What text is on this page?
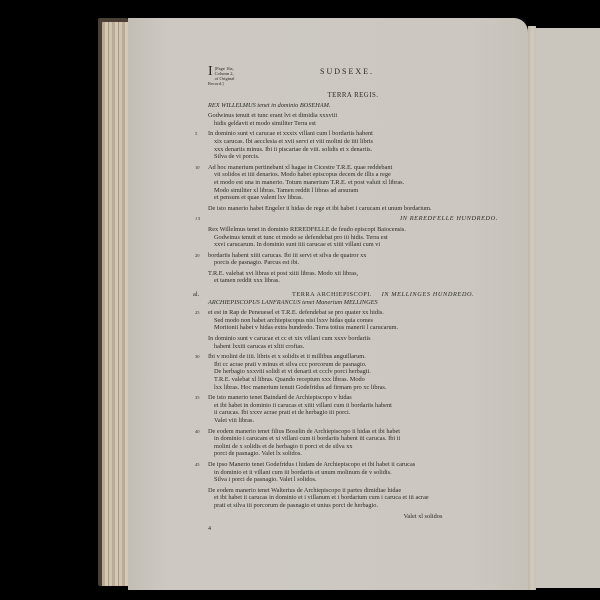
I [Page 16a, Column 2,
of Original Record.]
SUDSEXE.
TERRA REGIS.
REX WILLELMUS tenet in dominio BOSEHAM.
Godwinus tenuit et tunc erant lvi et dimidia xxxviii
hidis geldavit et modo similiter Terra est
5 In dominio sunt vi carucae et xxxix villani cum l bordariis habent
xix carucas. Ibi aecclesia et xvii servi et viii molini de iiii libris
xxx denariis minus. Ibi ii piscariae de viii. solidis et x denariis.
Silva de vi porcis.
10 Ad hoc manerium pertinebant xl hagae in Cicestre T.R.E. quae reddebant
vii solidos et iiii denarios. Modo habet episcopus decem de illis a rege
et modo est una in manerio. Totum manerium T.R.E. et post valuit xl libras.
Modo similiter xl libras. Tamen reddit l libras ad arsuram
et pensum et quae valent lxv libras.
De isto manerio habet Engeler ii hidas de rege et ibi habet i carucam et unum bordarium.
15	IN REREDFELLE HUNDREDO.
Rex Willelmus tenet in dominio REREDFELLE de feudo episcopi Baiocensis.
Godwinus tenuit et tunc et modo se defendebat pro iii hidis. Terra est
xxvi carucarum. In dominio sunt iiii carucae et xiiii villani cum vi
20 bordariis habent xiiii carucas. Ibi iii servi et silva de quatror xx
porcis de pasnagio. Parcus est ibi.
T.R.E. valebat xvi libras et post xiiii libras. Modo xii libras,
et tamen reddit xxx libras.
al.	TERRA ARCHIEPISCOPI. IN MELLINGES HUNDREDO.
ARCHIEPISCOPUS LANFRANCUS tenet Manerium MELLINGES
25 et est in Rap de Peneuesel et T.R.E. defendebat se pro quater xx hidis.
Sed modo non habet archiepiscopus nisi lxxv hidas quia comes
Moritonii habet v hidas extra hundredo. Terra totius manerii l carucarum.
In dominio sunt v carucae et cc et xix villani cum xxxv bordariis
habent lxxiii carucas et xliii croftas.
30 Ibi v molini de iiii. libris et x solidis et ii millibus anguillarum.
Ibi cc acrae prati v minus et silva ccc porcorum de pasnagio.
De herbagio xxxviii solidi et vi denarii et ccclv porci herbagii.
T.R.E. valebat xl libras. Quando receptum xxx libras. Modo
lxx libras. Hoc manerium tenuit Godefridus ad firmam pro xc libras.
35 De isto manerio tenet Baindard de Archiepiscopo v hidas
et ibi habet in dominio ii carucas et xiiii villani cum ii bordariis habent
ii carucas. Ibi xxxv acrae prati et de herbagio iii porci.
Valet viii libras.
40 De eodem manerio tenet filius Boselin de Archiepiscopo ii hidas et ibi habet
in dominio i carucam et xi villani cum ii bordariis habent iii carucas. Ibi ii
molini de x solidis et de herbagio ii porci et de silva xx
porci de pasnagio. Valet lx solidos.
45 De ipso Manerio tenet Godefridus i hidam de Archiepiscopo et ibi habet ii carucas
in dominio et ii villani cum iii bordariis et unum molinum de v solidis.
Silva i porci de pasnagio. Valet l solidos.
De eodem manerio tenet Walterius de Archiepiscopo ii partes dimidiae hidae
et ibi habet ii carucas in dominio et i villanum et i bordarium cum i caruca et iii acrae
prati et silva iii porcorum de pasnagio et unius porci de herbagio.
Valet xl solidos
4
